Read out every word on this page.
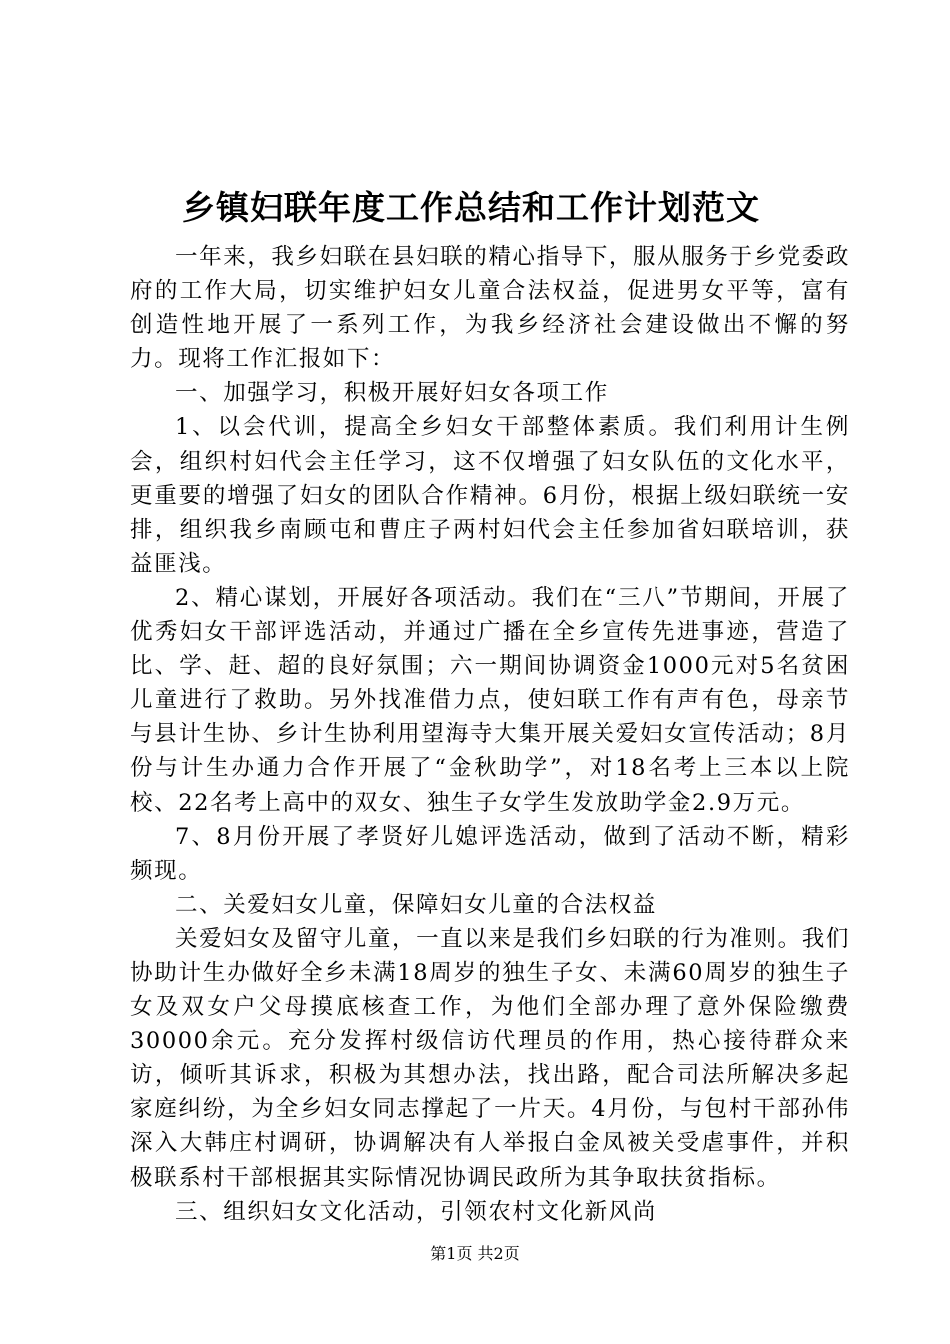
乡镇妇联年度工作总结和工作计划范文

一年来，我乡妇联在县妇联的精心指导下，服从服务于乡党委政府的工作大局，切实维护妇女儿童合法权益，促进男女平等，富有创造性地开展了一系列工作，为我乡经济社会建设做出不懈的努力。现将工作汇报如下：

一、加强学习，积极开展好妇女各项工作

1、以会代训，提高全乡妇女干部整体素质。我们利用计生例会，组织村妇代会主任学习，这不仅增强了妇女队伍的文化水平，更重要的增强了妇女的团队合作精神。6月份，根据上级妇联统一安排，组织我乡南顾屯和曹庄子两村妇代会主任参加省妇联培训，获益匪浅。

2、精心谋划，开展好各项活动。我们在“三八”节期间，开展了优秀妇女干部评选活动，并通过广播在全乡宣传先进事迹，营造了比、学、赶、超的良好氛围；六一期间协调资金1000元对5名贫困儿童进行了救助。另外找准借力点，使妇联工作有声有色，母亲节与县计生协、乡计生协利用望海寺大集开展关爱妇女宣传活动；8月份与计生办通力合作开展了“金秋助学”，对18名考上三本以上院校、22名考上高中的双女、独生子女学生发放助学金2.9万元。

7、8月份开展了孝贤好儿媳评选活动，做到了活动不断，精彩频现。

二、关爱妇女儿童，保障妇女儿童的合法权益

关爱妇女及留守儿童，一直以来是我们乡妇联的行为准则。我们协助计生办做好全乡未满18周岁的独生子女、未满60周岁的独生子女及双女户父母摸底核查工作，为他们全部办理了意外保险缴费30000余元。充分发挥村级信访代理员的作用，热心接待群众来访，倾听其诉求，积极为其想办法，找出路，配合司法所解决多起家庭纠纷，为全乡妇女同志撑起了一片天。4月份，与包村干部孙伟深入大韩庄村调研，协调解决有人举报白金凤被关受虐事件，并积极联系村干部根据其实际情况协调民政所为其争取扶贫指标。

三、组织妇女文化活动，引领农村文化新风尚

第1页 共2页
